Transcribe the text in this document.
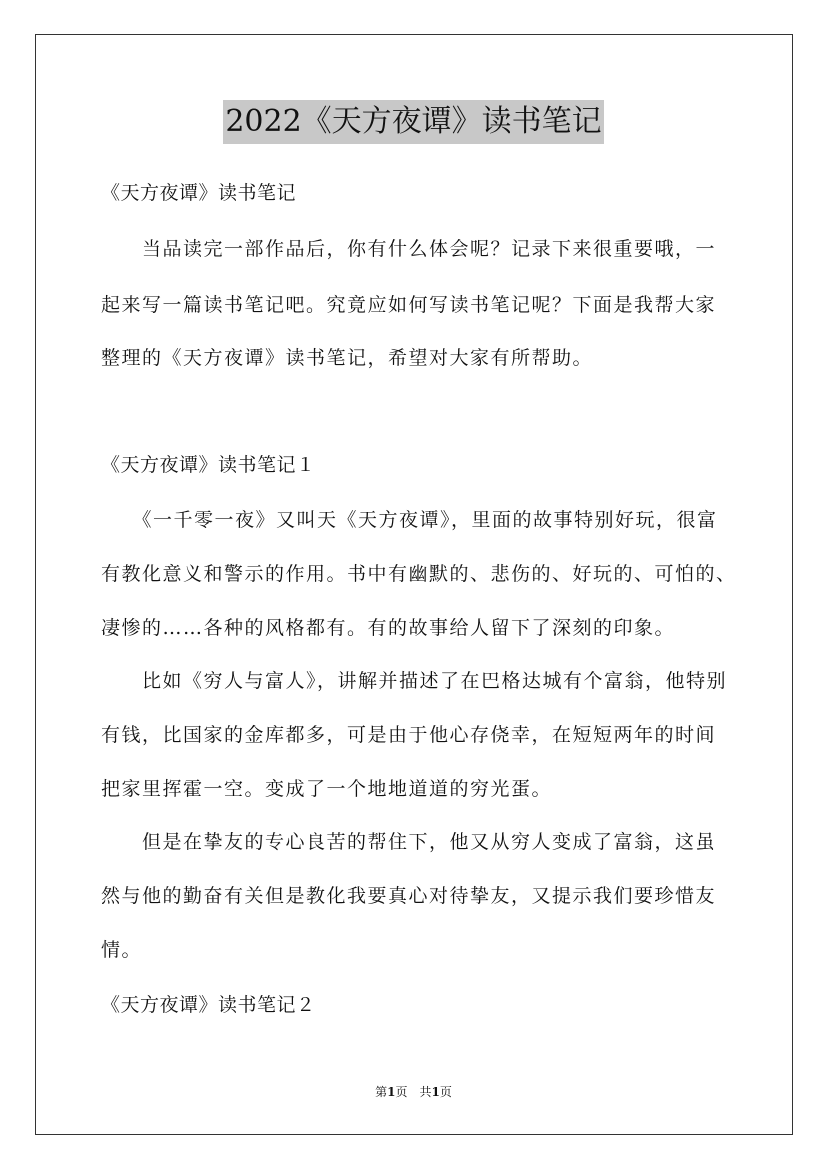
2022《天方夜谭》读书笔记
《天方夜谭》读书笔记
　　当品读完一部作品后，你有什么体会呢？记录下来很重要哦，一
起来写一篇读书笔记吧。究竟应如何写读书笔记呢？下面是我帮大家
整理的《天方夜谭》读书笔记，希望对大家有所帮助。
《天方夜谭》读书笔记１
　　《一千零一夜》又叫天《天方夜谭》，里面的故事特别好玩，很富
有教化意义和警示的作用。书中有幽默的、悲伤的、好玩的、可怕的、
凄惨的……各种的风格都有。有的故事给人留下了深刻的印象。
　　比如《穷人与富人》，讲解并描述了在巴格达城有个富翁，他特别
有钱，比国家的金库都多，可是由于他心存侥幸，在短短两年的时间
把家里挥霍一空。变成了一个地地道道的穷光蛋。
　　但是在挚友的专心良苦的帮住下，他又从穷人变成了富翁，这虽
然与他的勤奋有关但是教化我要真心对待挚友，又提示我们要珍惜友
情。
《天方夜谭》读书笔记２
第1页　共1页
